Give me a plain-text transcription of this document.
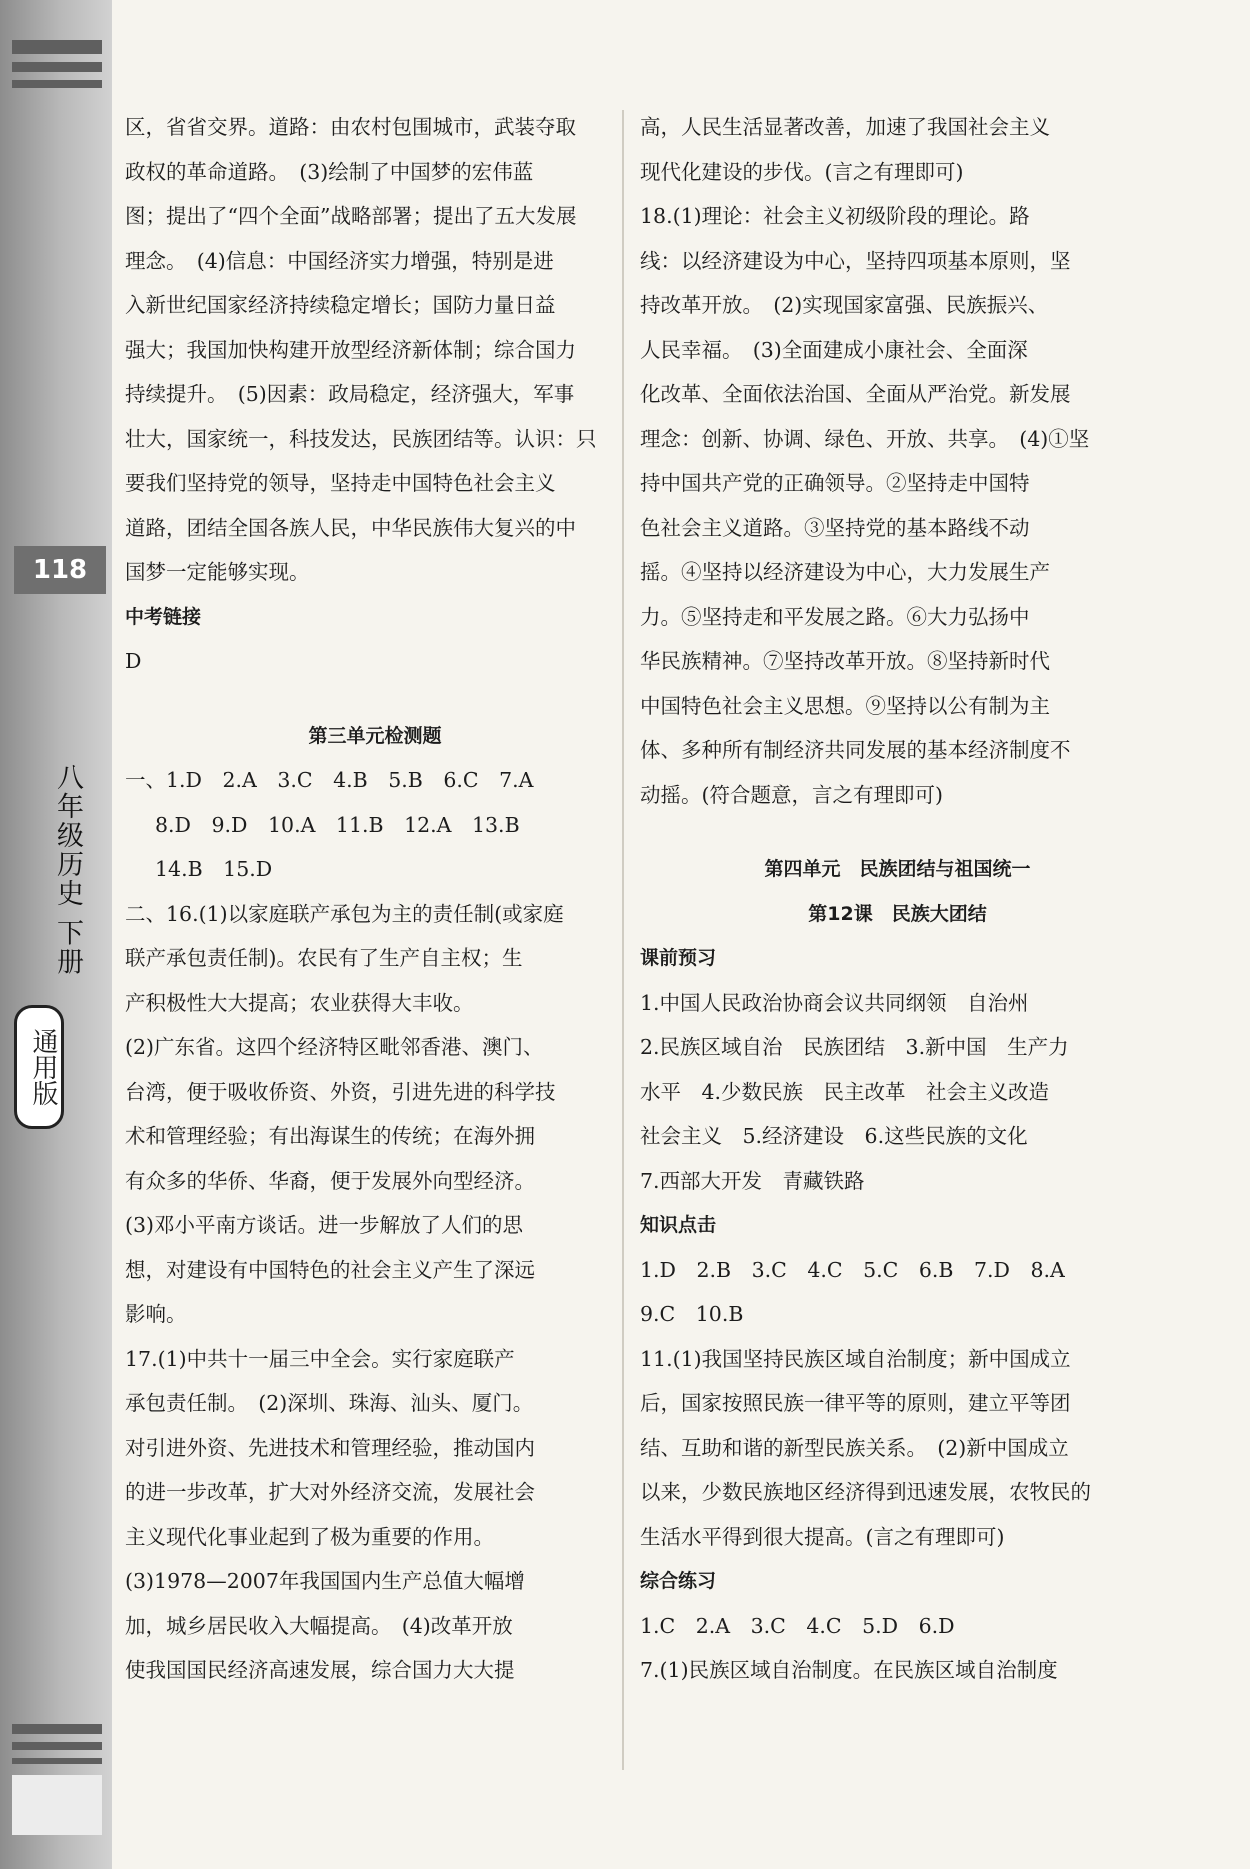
118
八年级历史 下册
通用版

区，省省交界。道路：由农村包围城市，武装夺取

政权的革命道路。　(3)绘制了中国梦的宏伟蓝

图；提出了“四个全面”战略部署；提出了五大发展

理念。　(4)信息：中国经济实力增强，特别是进

入新世纪国家经济持续稳定增长；国防力量日益

强大；我国加快构建开放型经济新体制；综合国力

持续提升。　(5)因素：政局稳定，经济强大，军事

壮大，国家统一，科技发达，民族团结等。认识：只

要我们坚持党的领导，坚持走中国特色社会主义

道路，团结全国各族人民，中华民族伟大复兴的中

国梦一定能够实现。

中考链接

D

第三单元检测题

一、1.D　2.A　3.C　4.B　5.B　6.C　7.A

8.D　9.D　10.A　11.B　12.A　13.B

14.B　15.D

二、16.(1)以家庭联产承包为主的责任制(或家庭

联产承包责任制)。农民有了生产自主权；生

产积极性大大提高；农业获得大丰收。

(2)广东省。这四个经济特区毗邻香港、澳门、

台湾，便于吸收侨资、外资，引进先进的科学技

术和管理经验；有出海谋生的传统；在海外拥

有众多的华侨、华裔，便于发展外向型经济。

(3)邓小平南方谈话。进一步解放了人们的思

想，对建设有中国特色的社会主义产生了深远

影响。

17.(1)中共十一届三中全会。实行家庭联产

承包责任制。　(2)深圳、珠海、汕头、厦门。

对引进外资、先进技术和管理经验，推动国内

的进一步改革，扩大对外经济交流，发展社会

主义现代化事业起到了极为重要的作用。

(3)1978—2007年我国国内生产总值大幅增

加，城乡居民收入大幅提高。　(4)改革开放

使我国国民经济高速发展，综合国力大大提

高，人民生活显著改善，加速了我国社会主义

现代化建设的步伐。(言之有理即可)

18.(1)理论：社会主义初级阶段的理论。路

线：以经济建设为中心，坚持四项基本原则，坚

持改革开放。　(2)实现国家富强、民族振兴、

人民幸福。　(3)全面建成小康社会、全面深

化改革、全面依法治国、全面从严治党。新发展

理念：创新、协调、绿色、开放、共享。　(4)①坚

持中国共产党的正确领导。②坚持走中国特

色社会主义道路。③坚持党的基本路线不动

摇。④坚持以经济建设为中心，大力发展生产

力。⑤坚持走和平发展之路。⑥大力弘扬中

华民族精神。⑦坚持改革开放。⑧坚持新时代

中国特色社会主义思想。⑨坚持以公有制为主

体、多种所有制经济共同发展的基本经济制度不

动摇。(符合题意，言之有理即可)

第四单元　民族团结与祖国统一

第12课　民族大团结

课前预习

1.中国人民政治协商会议共同纲领　自治州

2.民族区域自治　民族团结　3.新中国　生产力

水平　4.少数民族　民主改革　社会主义改造

社会主义　5.经济建设　6.这些民族的文化

7.西部大开发　青藏铁路

知识点击

1.D　2.B　3.C　4.C　5.C　6.B　7.D　8.A

9.C　10.B

11.(1)我国坚持民族区域自治制度；新中国成立

后，国家按照民族一律平等的原则，建立平等团

结、互助和谐的新型民族关系。　(2)新中国成立

以来，少数民族地区经济得到迅速发展，农牧民的

生活水平得到很大提高。(言之有理即可)

综合练习

1.C　2.A　3.C　4.C　5.D　6.D

7.(1)民族区域自治制度。在民族区域自治制度
